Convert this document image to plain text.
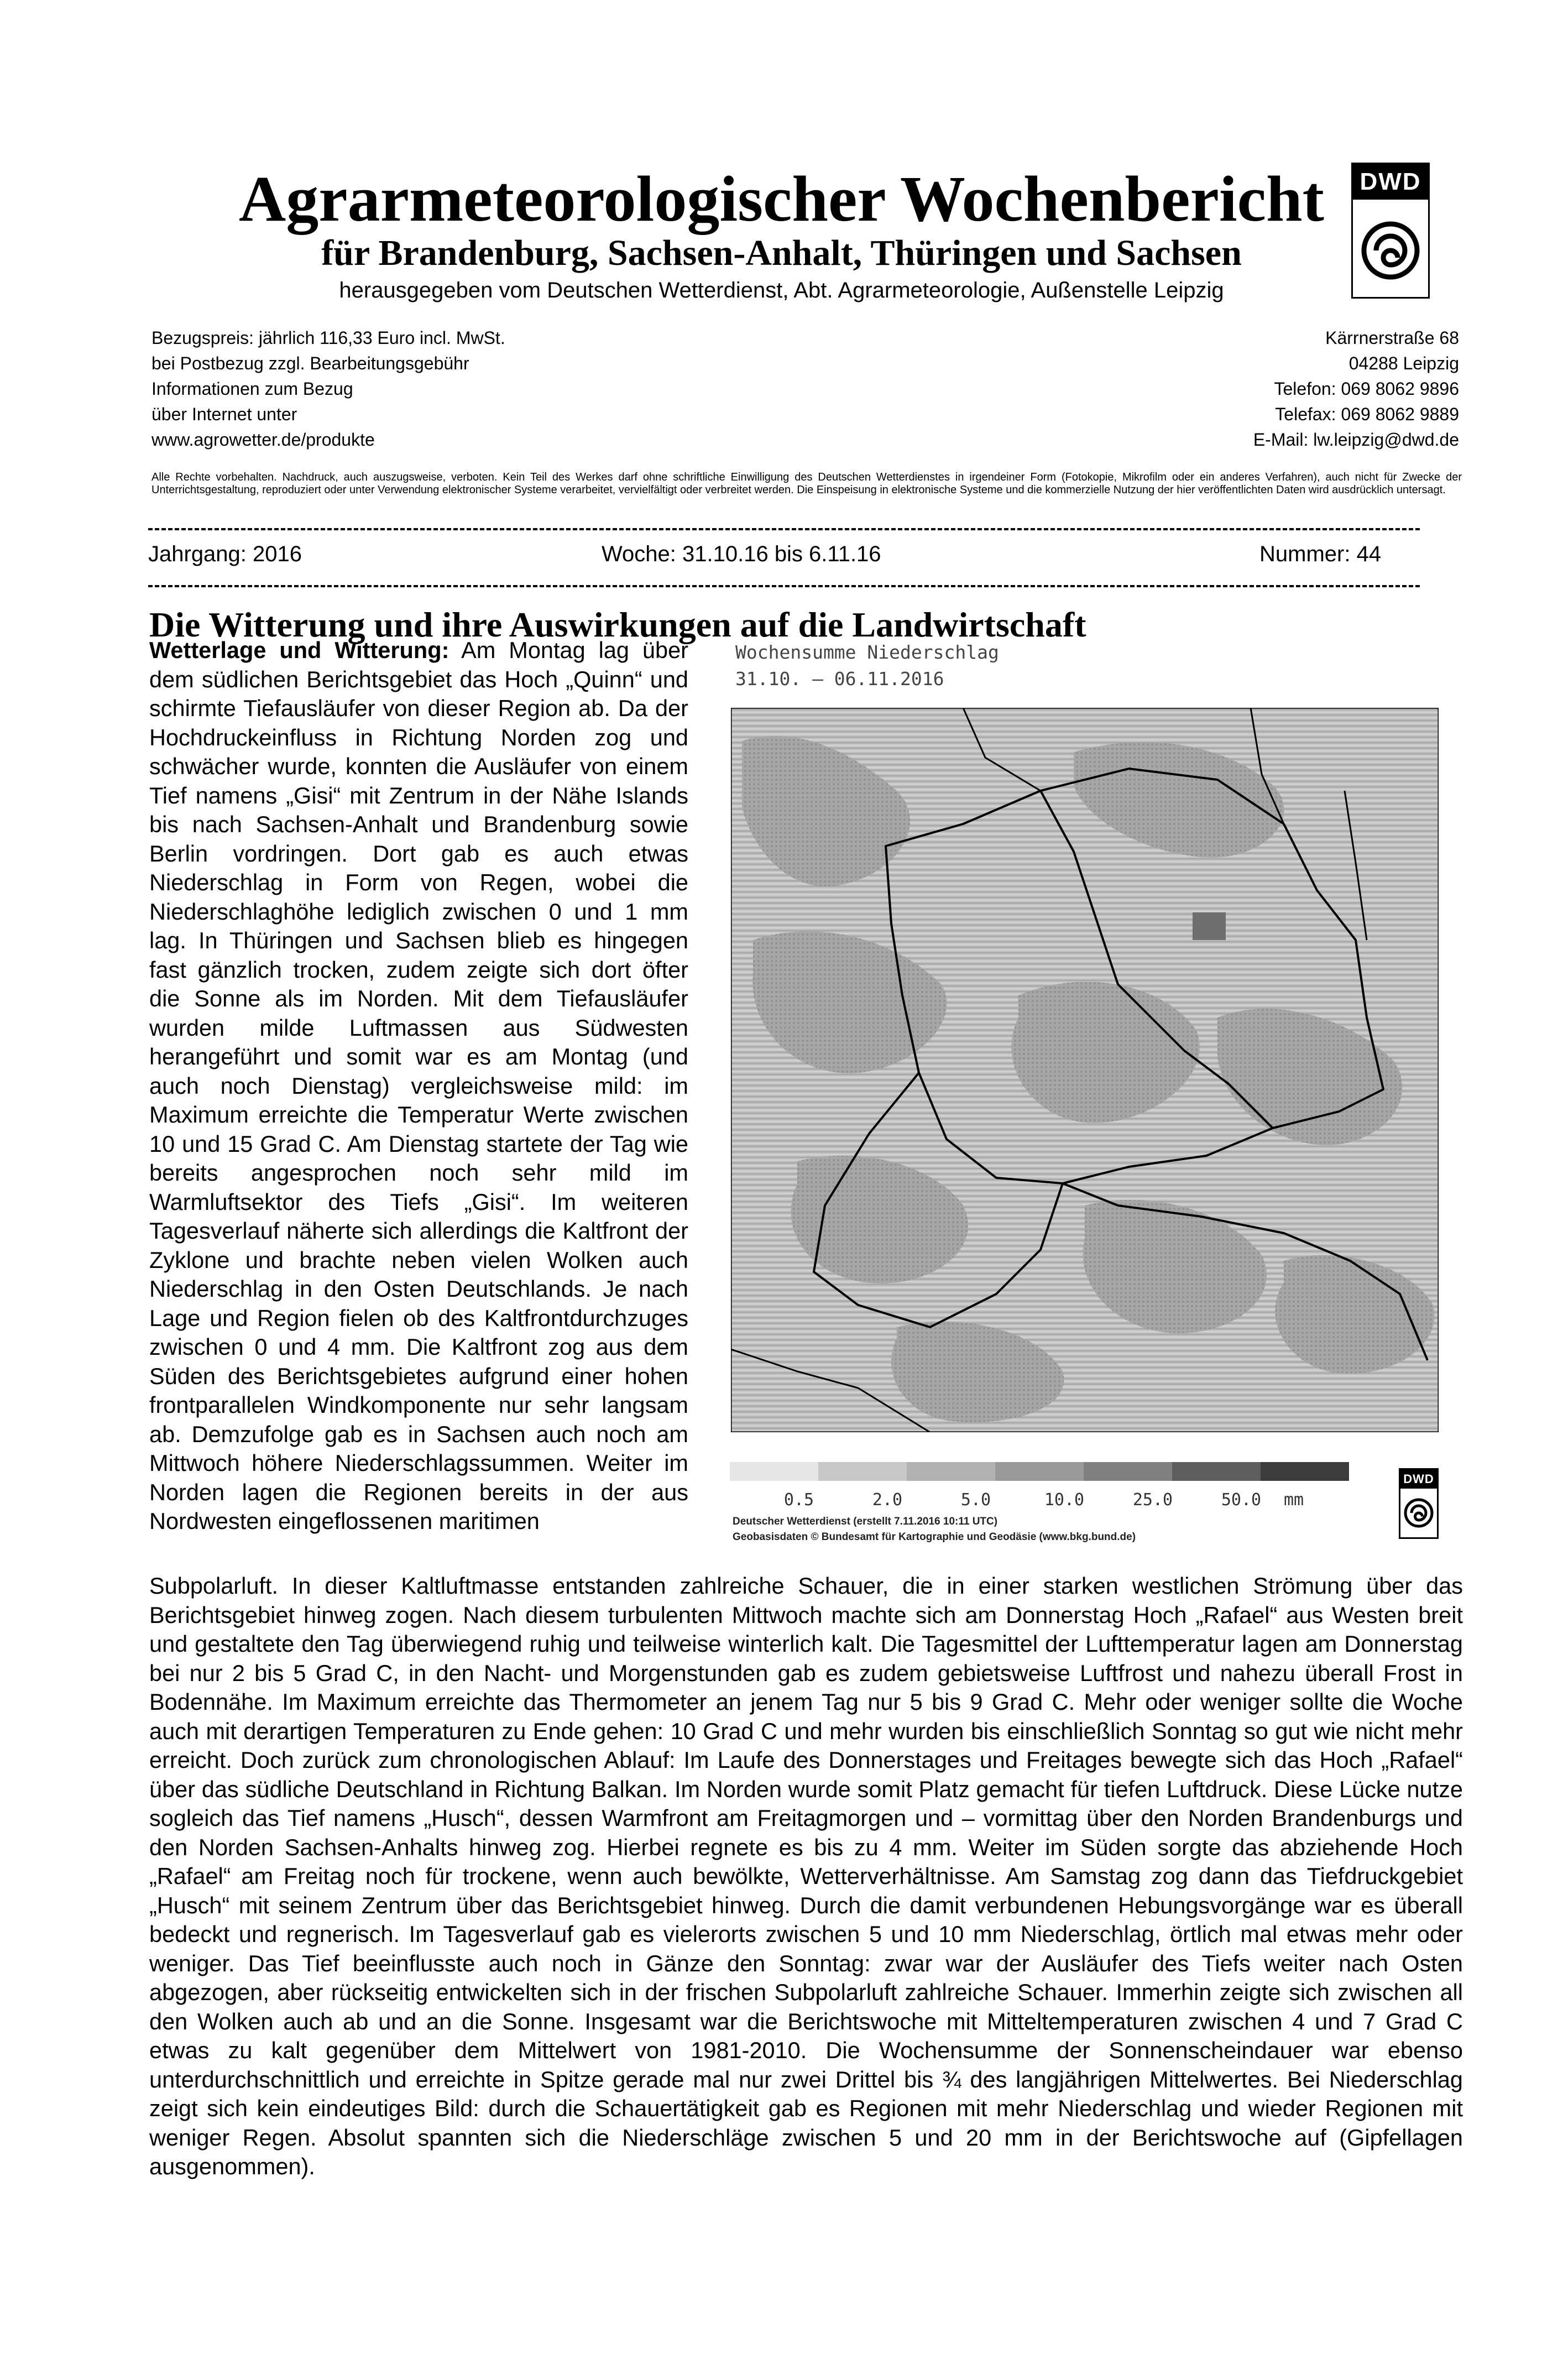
Agrarmeteorologischer Wochenbericht
für Brandenburg, Sachsen-Anhalt, Thüringen und Sachsen
herausgegeben vom Deutschen Wetterdienst, Abt. Agrarmeteorologie, Außenstelle Leipzig
DWD
Bezugspreis: jährlich 116,33 Euro incl. MwSt.
bei Postbezug zzgl. Bearbeitungsgebühr
Informationen zum Bezug
über Internet unter
www.agrowetter.de/produkte
Kärrnerstraße 68
04288 Leipzig
Telefon: 069 8062 9896
Telefax: 069 8062 9889
E-Mail: lw.leipzig@dwd.de
Alle Rechte vorbehalten. Nachdruck, auch auszugsweise, verboten. Kein Teil des Werkes darf ohne schriftliche Einwilligung des Deutschen Wetterdienstes in irgendeiner Form (Fotokopie, Mikrofilm oder ein anderes Verfahren), auch nicht für Zwecke der Unterrichtsgestaltung, reproduziert oder unter Verwendung elektronischer Systeme verarbeitet, vervielfältigt oder verbreitet werden. Die Einspeisung in elektronische Systeme und die kommerzielle Nutzung der hier veröffentlichten Daten wird ausdrücklich untersagt.
Jahrgang: 2016	Woche: 31.10.16 bis 6.11.16	Nummer: 44
Die Witterung und ihre Auswirkungen auf die Landwirtschaft
Wetterlage und Witterung: Am Montag lag über dem südlichen Berichtsgebiet das Hoch „Quinn“ und schirmte Tiefausläufer von dieser Region ab. Da der Hochdruckeinfluss in Richtung Norden zog und schwächer wurde, konnten die Ausläufer von einem Tief namens „Gisi“ mit Zentrum in der Nähe Islands bis nach Sachsen-Anhalt und Brandenburg sowie Berlin vordringen. Dort gab es auch etwas Niederschlag in Form von Regen, wobei die Niederschlaghöhe lediglich zwischen 0 und 1 mm lag. In Thüringen und Sachsen blieb es hingegen fast gänzlich trocken, zudem zeigte sich dort öfter die Sonne als im Norden. Mit dem Tiefausläufer wurden milde Luftmassen aus Südwesten herangeführt und somit war es am Montag (und auch noch Dienstag) vergleichsweise mild: im Maximum erreichte die Temperatur Werte zwischen 10 und 15 Grad C. Am Dienstag startete der Tag wie bereits angesprochen noch sehr mild im Warmluftsektor des Tiefs „Gisi“. Im weiteren Tagesverlauf näherte sich allerdings die Kaltfront der Zyklone und brachte neben vielen Wolken auch Niederschlag in den Osten Deutschlands. Je nach Lage und Region fielen ob des Kaltfrontdurchzuges zwischen 0 und 4 mm. Die Kaltfront zog aus dem Süden des Berichtsgebietes aufgrund einer hohen frontparallelen Windkomponente nur sehr langsam ab. Demzufolge gab es in Sachsen auch noch am Mittwoch höhere Niederschlagssummen. Weiter im Norden lagen die Regionen bereits in der aus Nordwesten eingeflossenen maritimen
Subpolarluft. In dieser Kaltluftmasse entstanden zahlreiche Schauer, die in einer starken westlichen Strömung über das Berichtsgebiet hinweg zogen. Nach diesem turbulenten Mittwoch machte sich am Donnerstag Hoch „Rafael“ aus Westen breit und gestaltete den Tag überwiegend ruhig und teilweise winterlich kalt. Die Tagesmittel der Lufttemperatur lagen am Donnerstag bei nur 2 bis 5 Grad C, in den Nacht- und Morgenstunden gab es zudem gebietsweise Luftfrost und nahezu überall Frost in Bodennähe. Im Maximum erreichte das Thermometer an jenem Tag nur 5 bis 9 Grad C. Mehr oder weniger sollte die Woche auch mit derartigen Temperaturen zu Ende gehen: 10 Grad C und mehr wurden bis einschließlich Sonntag so gut wie nicht mehr erreicht. Doch zurück zum chronologischen Ablauf: Im Laufe des Donnerstages und Freitages bewegte sich das Hoch „Rafael“ über das südliche Deutschland in Richtung Balkan. Im Norden wurde somit Platz gemacht für tiefen Luftdruck. Diese Lücke nutze sogleich das Tief namens „Husch“, dessen Warmfront am Freitagmorgen und – vormittag über den Norden Brandenburgs und den Norden Sachsen-Anhalts hinweg zog. Hierbei regnete es bis zu 4 mm. Weiter im Süden sorgte das abziehende Hoch „Rafael“ am Freitag noch für trockene, wenn auch bewölkte, Wetterverhältnisse. Am Samstag zog dann das Tiefdruckgebiet „Husch“ mit seinem Zentrum über das Berichtsgebiet hinweg. Durch die damit verbundenen Hebungsvorgänge war es überall bedeckt und regnerisch. Im Tagesverlauf gab es vielerorts zwischen 5 und 10 mm Niederschlag, örtlich mal etwas mehr oder weniger. Das Tief beeinflusste auch noch in Gänze den Sonntag: zwar war der Ausläufer des Tiefs weiter nach Osten abgezogen, aber rückseitig entwickelten sich in der frischen Subpolarluft zahlreiche Schauer. Immerhin zeigte sich zwischen all den Wolken auch ab und an die Sonne. Insgesamt war die Berichtswoche mit Mitteltemperaturen zwischen 4 und 7 Grad C etwas zu kalt gegenüber dem Mittelwert von 1981-2010. Die Wochensumme der Sonnenscheindauer war ebenso unterdurchschnittlich und erreichte in Spitze gerade mal nur zwei Drittel bis ¾ des langjährigen Mittelwertes. Bei Niederschlag zeigt sich kein eindeutiges Bild: durch die Schauertätigkeit gab es Regionen mit mehr Niederschlag und wieder Regionen mit weniger Regen. Absolut spannten sich die Niederschläge zwischen 5 und 20 mm in der Berichtswoche auf (Gipfellagen ausgenommen).
Wochensumme Niederschlag
31.10. – 06.11.2016
0.5	2.0	5.0	10.0	25.0	50.0 mm
Deutscher Wetterdienst (erstellt 7.11.2016 10:11 UTC)
Geobasisdaten © Bundesamt für Kartographie und Geodäsie (www.bkg.bund.de)
DWD
